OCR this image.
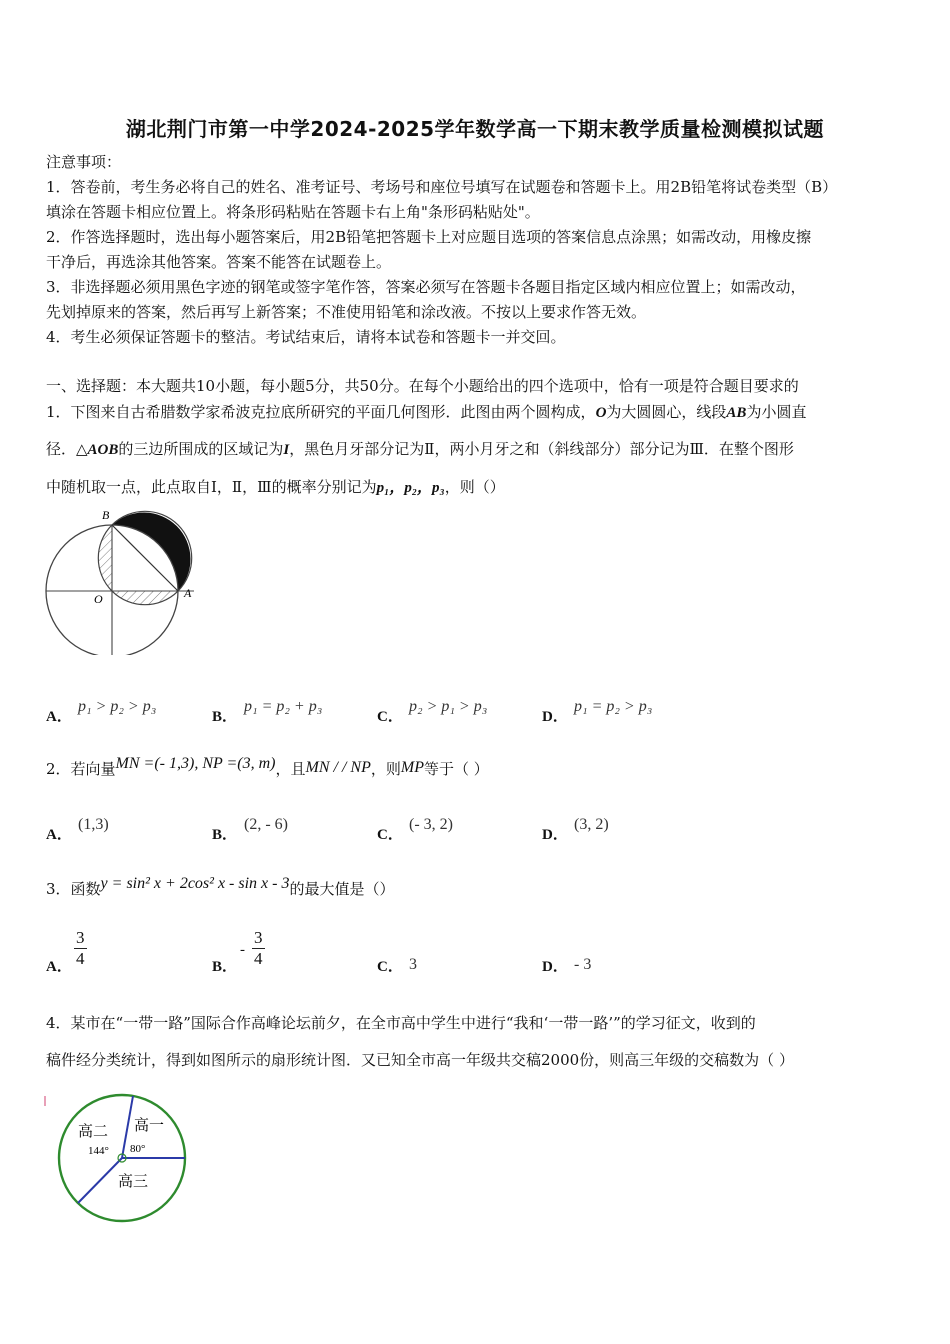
湖北荆门市第一中学2024-2025学年数学高一下期末教学质量检测模拟试题
注意事项：
1．答卷前，考生务必将自己的姓名、准考证号、考场号和座位号填写在试题卷和答题卡上。用2B铅笔将试卷类型（B）
填涂在答题卡相应位置上。将条形码粘贴在答题卡右上角"条形码粘贴处"。
2．作答选择题时，选出每小题答案后，用2B铅笔把答题卡上对应题目选项的答案信息点涂黑；如需改动，用橡皮擦
干净后，再选涂其他答案。答案不能答在试题卷上。
3．非选择题必须用黑色字迹的钢笔或签字笔作答，答案必须写在答题卡各题目指定区域内相应位置上；如需改动，
先划掉原来的答案，然后再写上新答案；不准使用铅笔和涂改液。不按以上要求作答无效。
4．考生必须保证答题卡的整洁。考试结束后，请将本试卷和答题卡一并交回。
一、选择题：本大题共10小题，每小题5分，共50分。在每个小题给出的四个选项中，恰有一项是符合题目要求的
1．下图来自古希腊数学家希波克拉底所研究的平面几何图形．此图由两个圆构成，O为大圆圆心，线段AB为小圆直
径．△AOB的三边所围成的区域记为I，黑色月牙部分记为Ⅱ，两小月牙之和（斜线部分）部分记为Ⅲ．在整个图形
中随机取一点，此点取自Ⅰ，Ⅱ，Ⅲ的概率分别记为p₁，p₂，p₃，则（）
B
O	A
A．
p₁ > p₂ > p₃
B．
p₁ = p₂ + p₃
C．
p₂ > p₁ > p₃
D．
p₁ = p₂ > p₃
2．若向量MN =(- 1,3), NP =(3, m)，且MN / / NP，则MP等于（ ）
A．
(1,3)
B．
(2, - 6)
C．
(- 3, 2)
D．
(3, 2)
3．函数y = sin² x + 2cos² x - sin x - 3的最大值是（）
A． $\frac{3}{4}$	B．
- $\frac{3}{4}$	C． 3	D． - 3
4．某市在“一带一路”国际合作高峰论坛前夕，在全市高中学生中进行“我和‘一带一路’”的学习征文，收到的
稿件经分类统计，得到如图所示的扇形统计图．又已知全市高一年级共交稿2000份，则高三年级的交稿数为（ ）
高二 高一
高三
144° 80°
